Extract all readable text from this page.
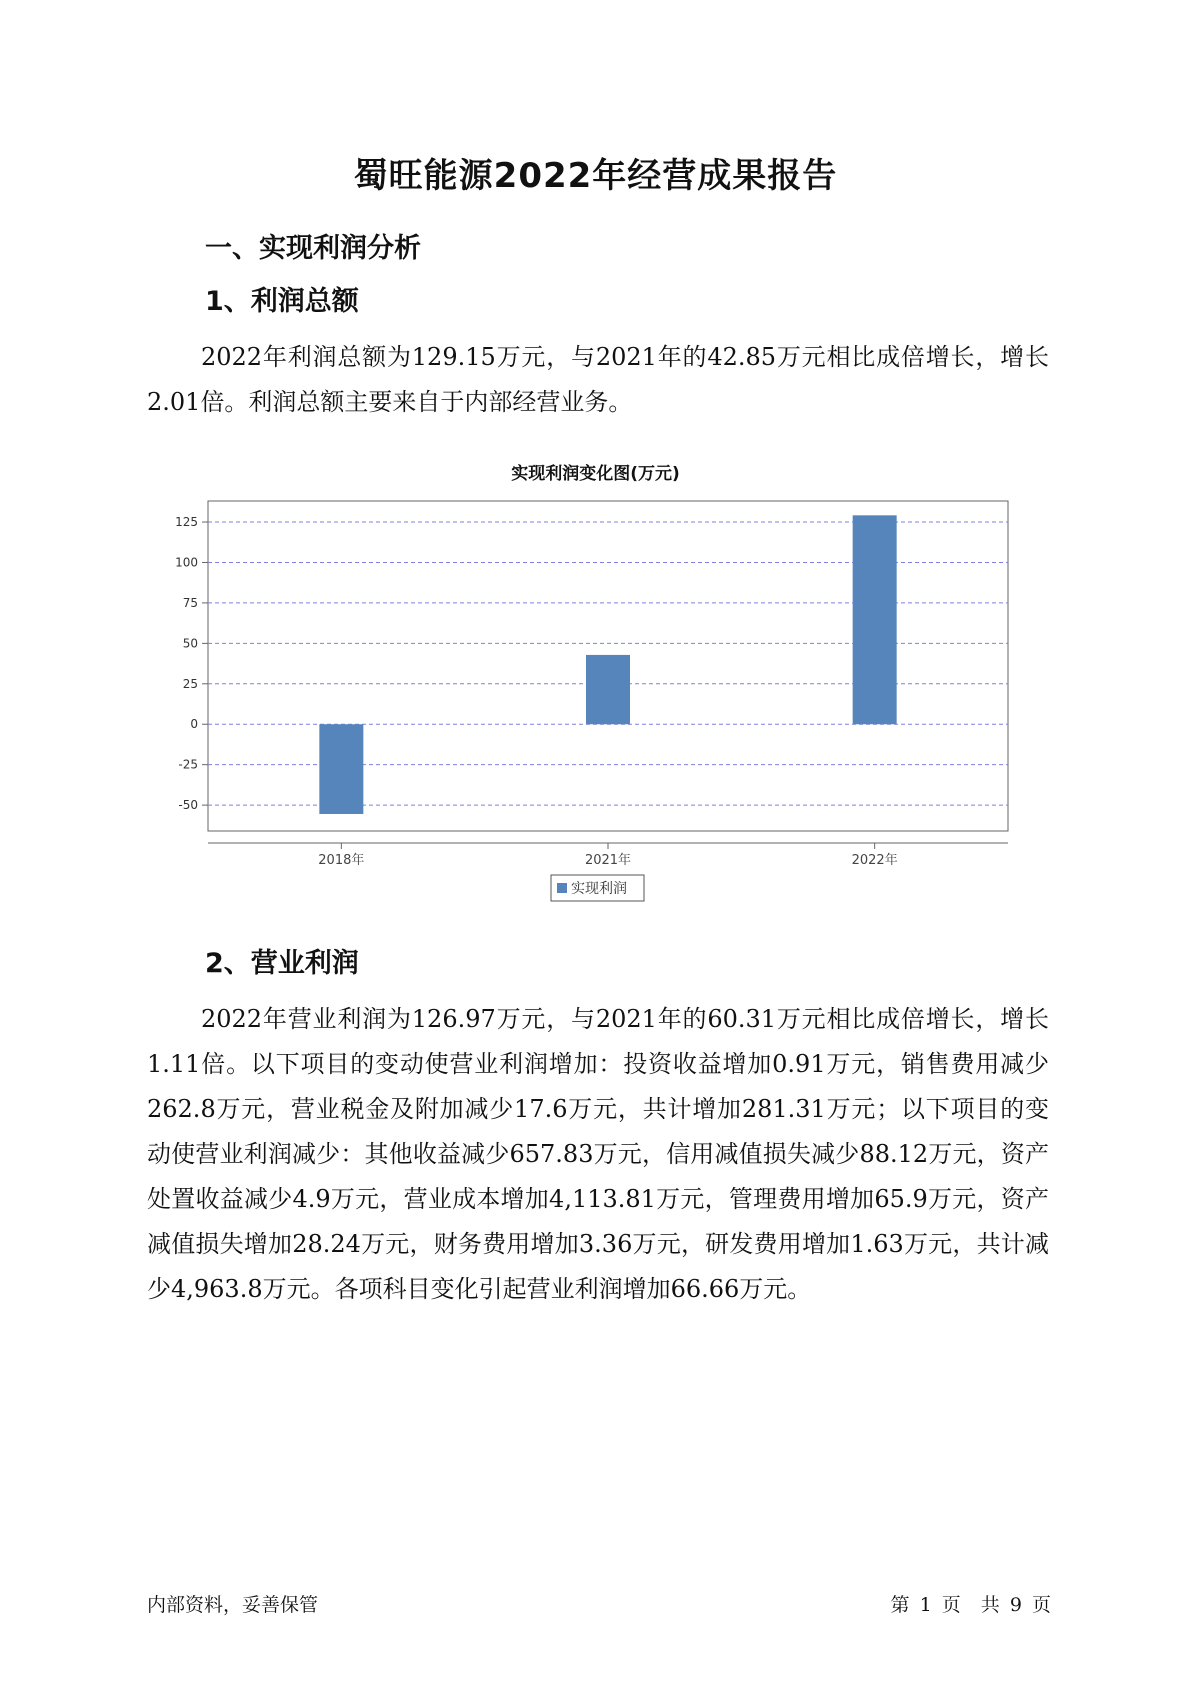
蜀旺能源2022年经营成果报告
一、实现利润分析
1、利润总额

2022年利润总额为129.15万元，与2021年的42.85万元相比成倍增长，增长2.01倍。利润总额主要来自于内部经营业务。

实现利润变化图(万元)
125
100
75
50
25
0
-25
-50
2018年	2021年	2022年
实现利润
2、营业利润

2022年营业利润为126.97万元，与2021年的60.31万元相比成倍增长，增长1.11倍。以下项目的变动使营业利润增加：投资收益增加0.91万元，销售费用减少262.8万元，营业税金及附加减少17.6万元，共计增加281.31万元；以下项目的变动使营业利润减少：其他收益减少657.83万元，信用减值损失减少88.12万元，资产处置收益减少4.9万元，营业成本增加4,113.81万元，管理费用增加65.9万元，资产减值损失增加28.24万元，财务费用增加3.36万元，研发费用增加1.63万元，共计减少4,963.8万元。各项科目变化引起营业利润增加66.66万元。

内部资料，妥善保管	第 1 页 共 9 页
